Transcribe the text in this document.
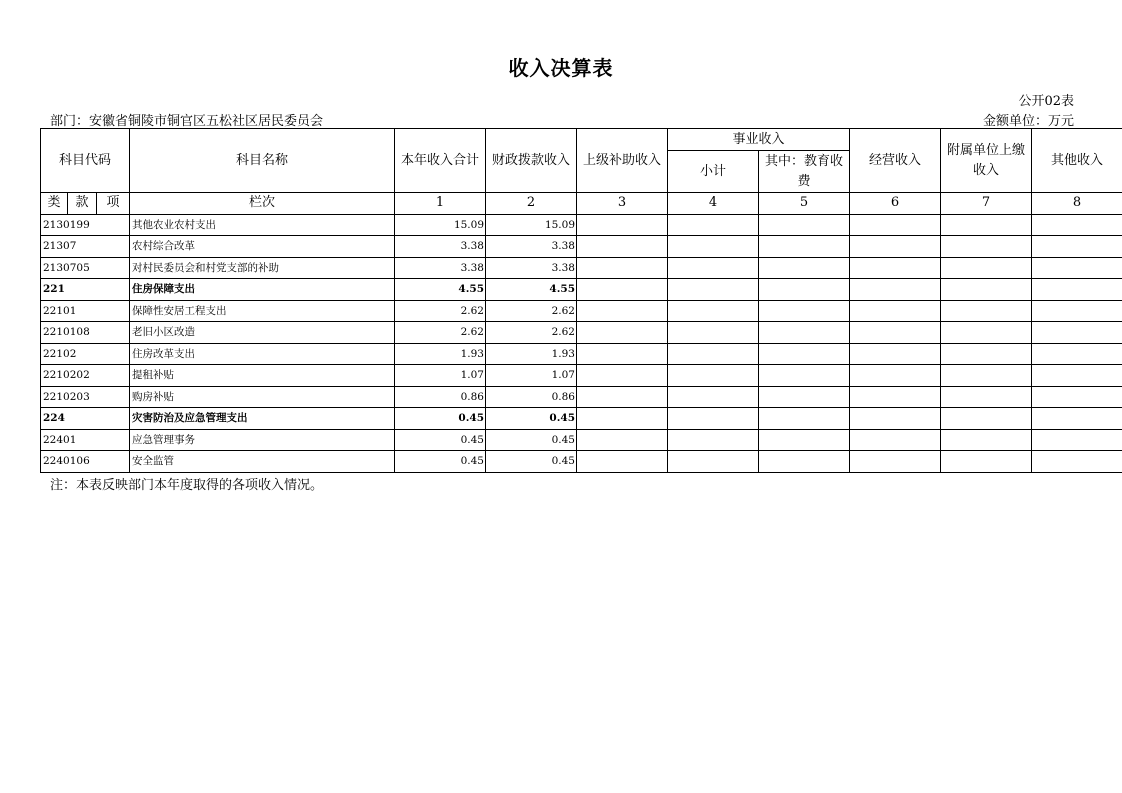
收入决算表
公开02表
部门：安徽省铜陵市铜官区五松社区居民委员会	金额单位：万元
科目代码			科目名称	本年收入合计	财政拨款收入	上级补助收入	事业收入		经营收入	附属单位上缴收入	其他收入
							小计	其中：教育收费			
类	款	项	栏次	1	2	3	4	5	6	7	8
2130199			其他农业农村支出	15.09	15.09						
21307			农村综合改革	3.38	3.38						
2130705			对村民委员会和村党支部的补助	3.38	3.38						
221			住房保障支出	4.55	4.55						
22101			保障性安居工程支出	2.62	2.62						
2210108			老旧小区改造	2.62	2.62						
22102			住房改革支出	1.93	1.93						
2210202			提租补贴	1.07	1.07						
2210203			购房补贴	0.86	0.86						
224			灾害防治及应急管理支出	0.45	0.45						
22401			应急管理事务	0.45	0.45						
2240106			安全监管	0.45	0.45						
注：本表反映部门本年度取得的各项收入情况。
